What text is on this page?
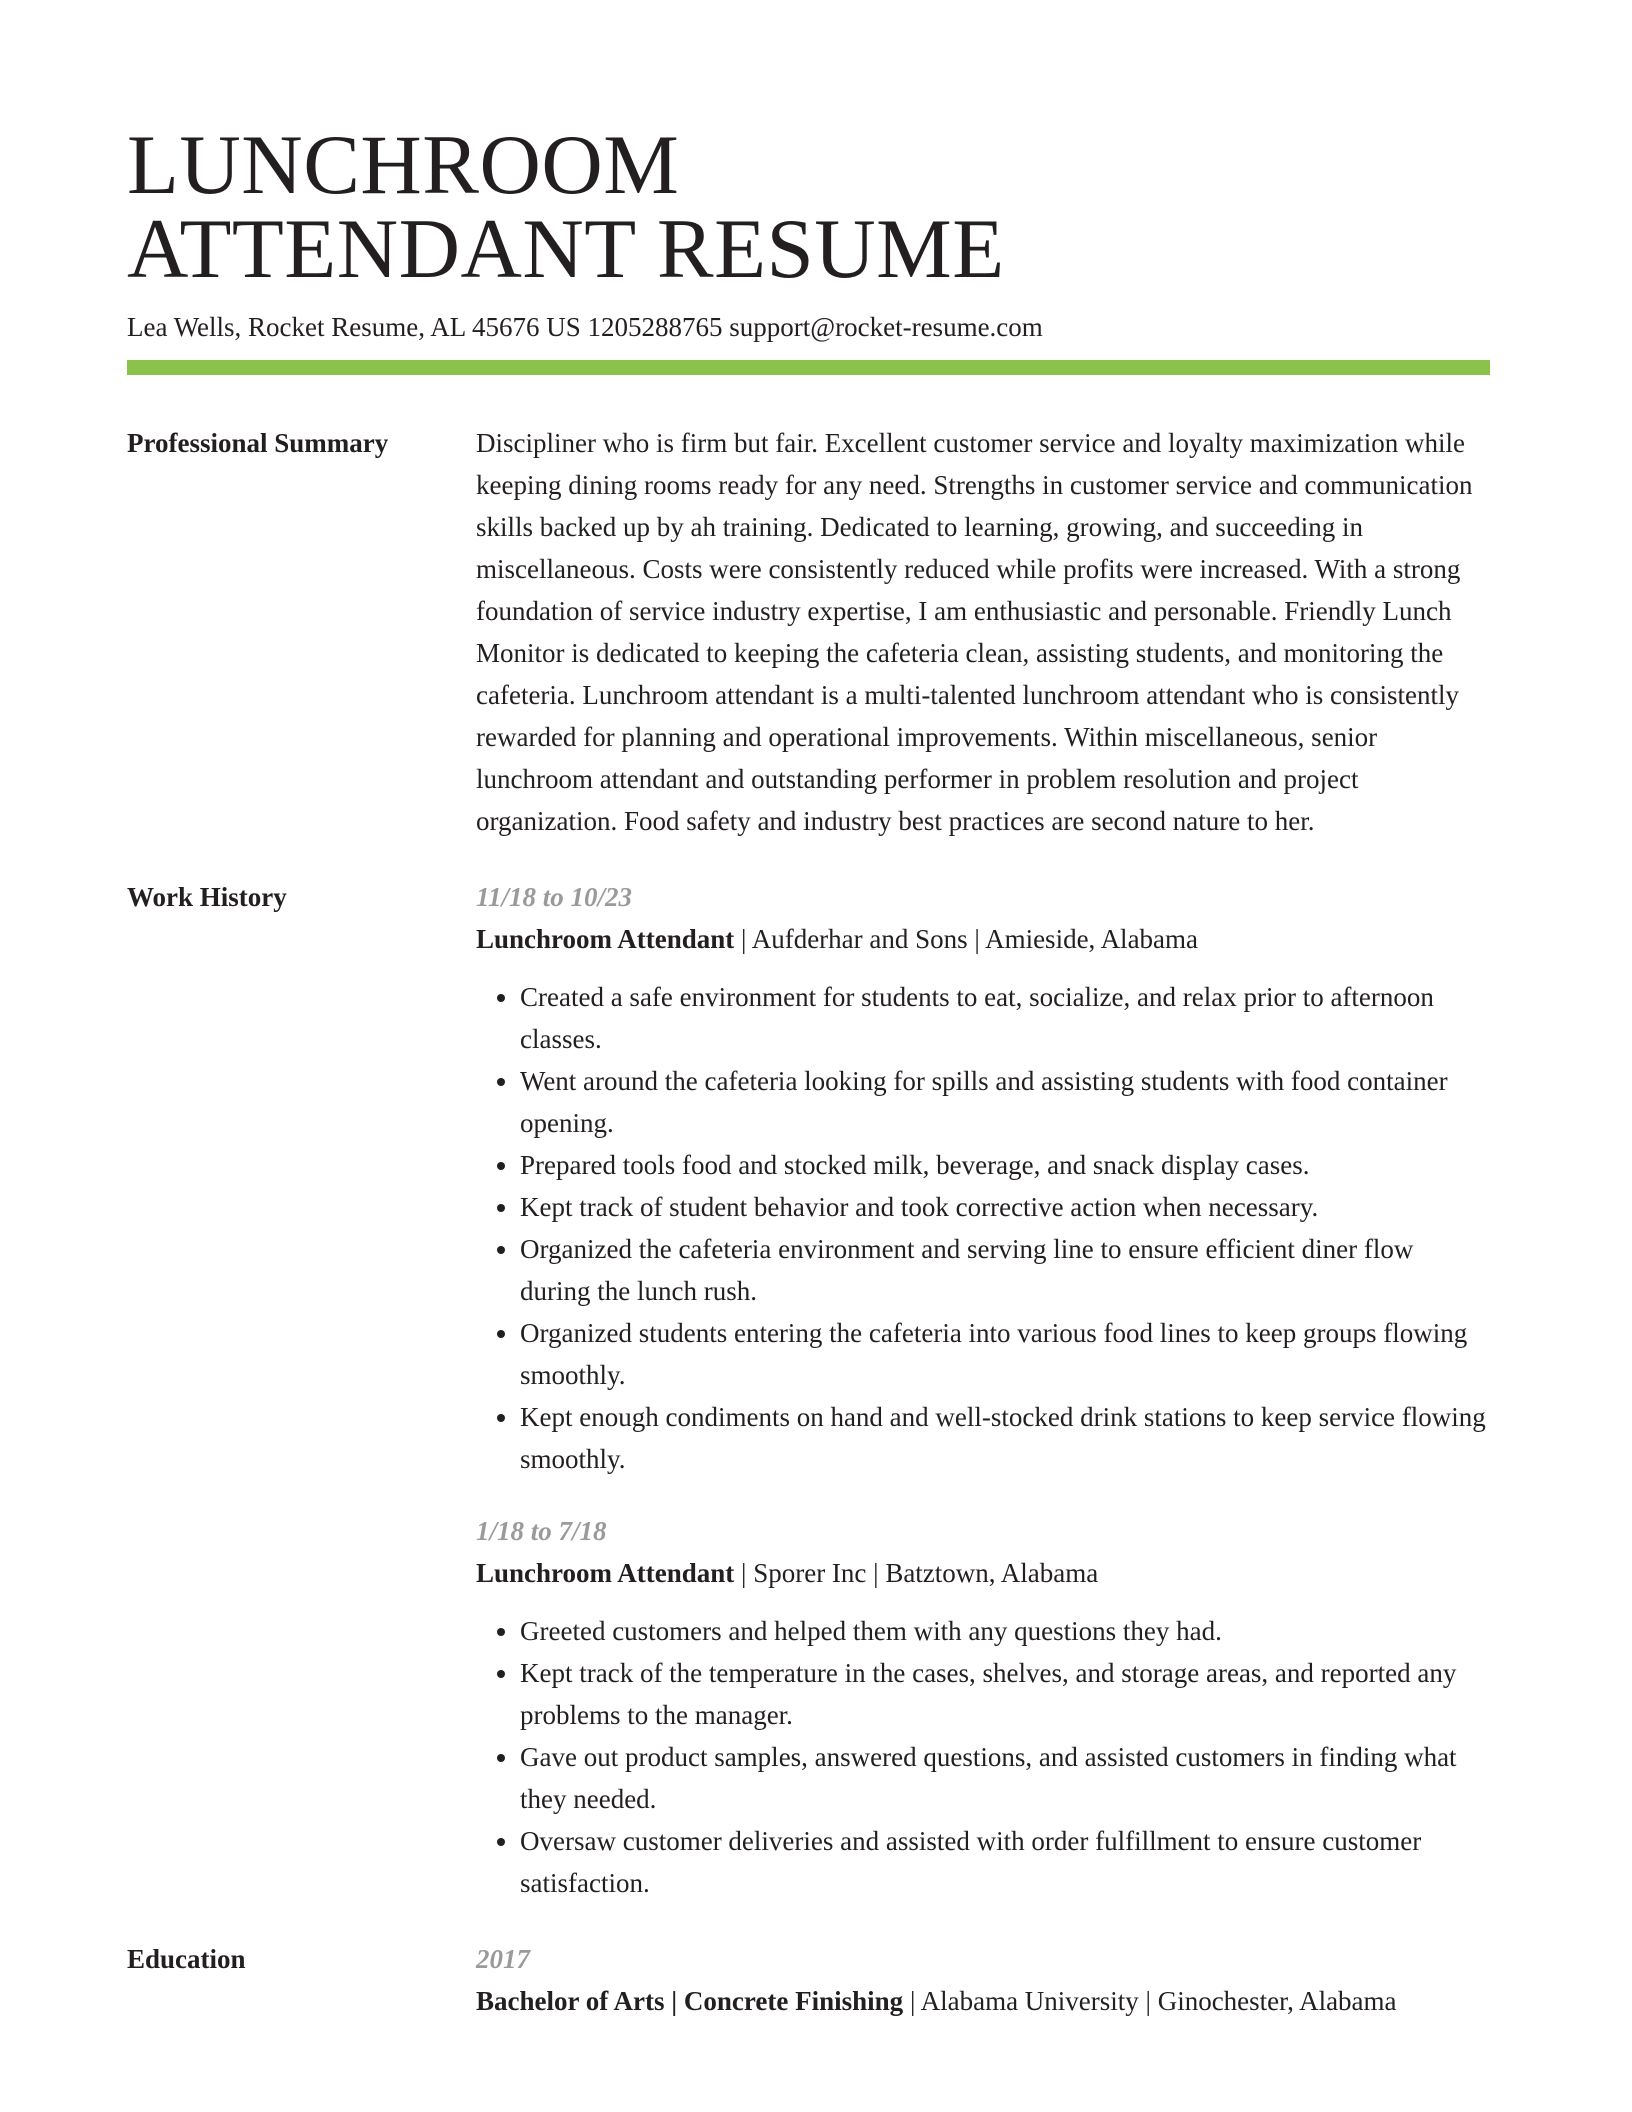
LUNCHROOM
ATTENDANT RESUME
Lea Wells, Rocket Resume, AL 45676 US 1205288765 support@rocket-resume.com
Professional Summary	Discipliner who is firm but fair. Excellent customer service and loyalty maximization while keeping dining rooms ready for any need. Strengths in customer service and communication skills backed up by ah training. Dedicated to learning, growing, and succeeding in miscellaneous. Costs were consistently reduced while profits were increased. With a strong foundation of service industry expertise, I am enthusiastic and personable. Friendly Lunch Monitor is dedicated to keeping the cafeteria clean, assisting students, and monitoring the cafeteria. Lunchroom attendant is a multi-talented lunchroom attendant who is consistently rewarded for planning and operational improvements. Within miscellaneous, senior lunchroom attendant and outstanding performer in problem resolution and project organization. Food safety and industry best practices are second nature to her.
Work History	11/18 to 10/23
Lunchroom Attendant | Aufderhar and Sons | Amieside, Alabama
• Created a safe environment for students to eat, socialize, and relax prior to afternoon classes.
• Went around the cafeteria looking for spills and assisting students with food container opening.
• Prepared tools food and stocked milk, beverage, and snack display cases.
• Kept track of student behavior and took corrective action when necessary.
• Organized the cafeteria environment and serving line to ensure efficient diner flow during the lunch rush.
• Organized students entering the cafeteria into various food lines to keep groups flowing smoothly.
• Kept enough condiments on hand and well-stocked drink stations to keep service flowing smoothly.
1/18 to 7/18
Lunchroom Attendant | Sporer Inc | Batztown, Alabama
• Greeted customers and helped them with any questions they had.
• Kept track of the temperature in the cases, shelves, and storage areas, and reported any problems to the manager.
• Gave out product samples, answered questions, and assisted customers in finding what they needed.
• Oversaw customer deliveries and assisted with order fulfillment to ensure customer satisfaction.
Education	2017
Bachelor of Arts | Concrete Finishing | Alabama University | Ginochester, Alabama
